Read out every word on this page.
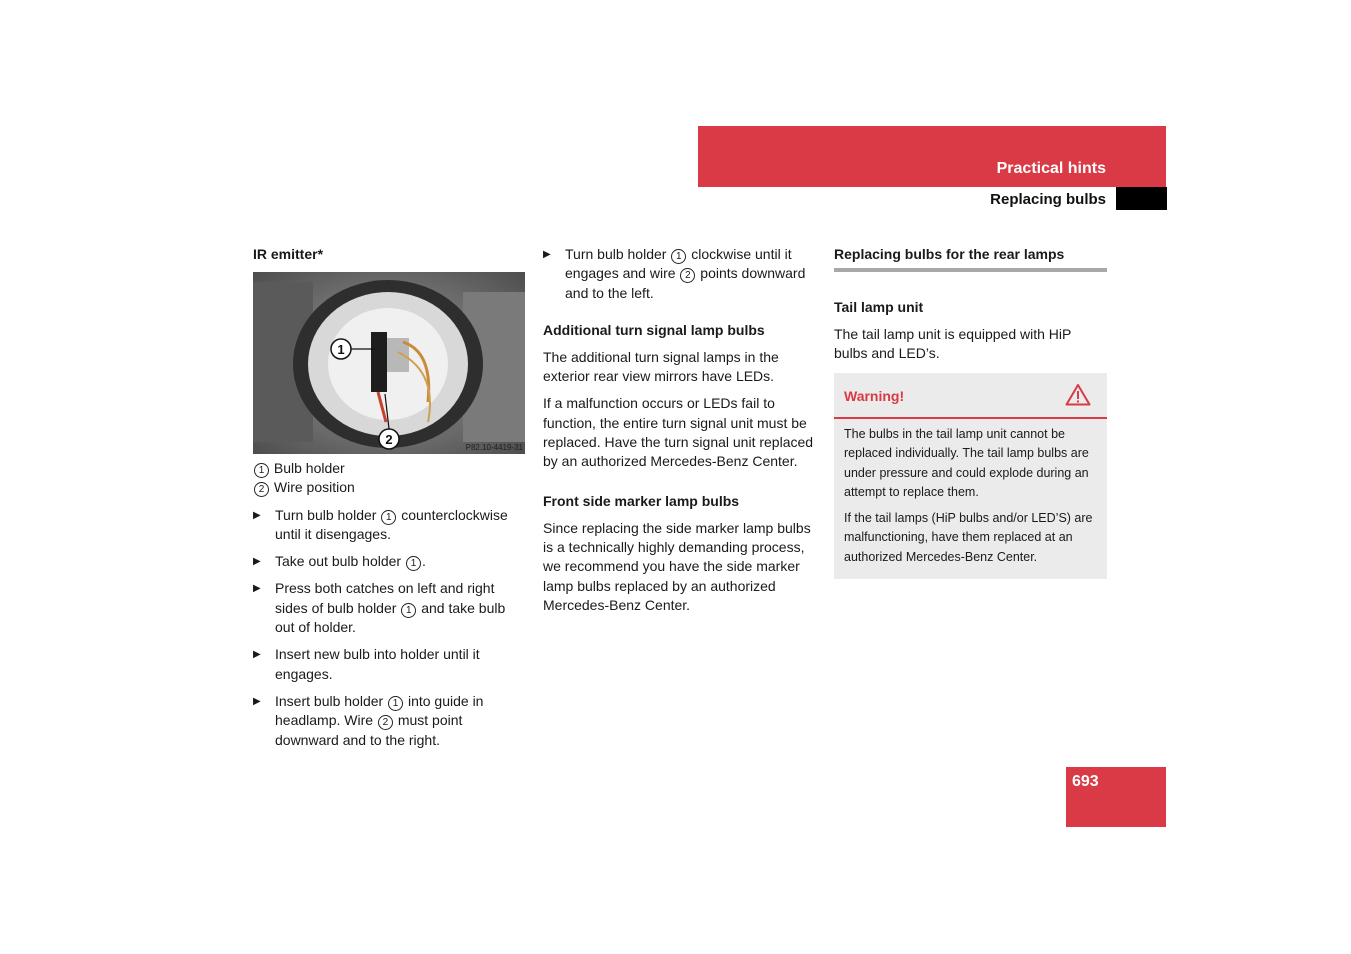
Practical hints
Replacing bulbs
IR emitter*
1
2
P82.10-4419-31

1 Bulb holder

2 Wire position

▶ Turn bulb holder 1 counterclockwise until it disengages.
▶ Take out bulb holder 1 .
▶ Press both catches on left and right sides of bulb holder 1 and take bulb out of holder.
▶ Insert new bulb into holder until it engages.
▶ Insert bulb holder 1 into guide in headlamp. Wire 2 must point downward and to the right.
▶ Turn bulb holder 1 clockwise until it engages and wire 2 points downward and to the left.
Additional turn signal lamp bulbs

The additional turn signal lamps in the exterior rear view mirrors have LEDs.

If a malfunction occurs or LEDs fail to function, the entire turn signal unit must be replaced. Have the turn signal unit replaced by an authorized Mercedes-Benz Center.

Front side marker lamp bulbs

Since replacing the side marker lamp bulbs is a technically highly demanding process, we recommend you have the side marker lamp bulbs replaced by an authorized Mercedes-Benz Center.

Replacing bulbs for the rear lamps
Tail lamp unit

The tail lamp unit is equipped with HiP bulbs and LED’s.

Warning!

The bulbs in the tail lamp unit cannot be replaced individually. The tail lamp bulbs are under pressure and could explode during an attempt to replace them.

If the tail lamps (HiP bulbs and/or LED’S) are malfunctioning, have them replaced at an authorized Mercedes-Benz Center.

693
